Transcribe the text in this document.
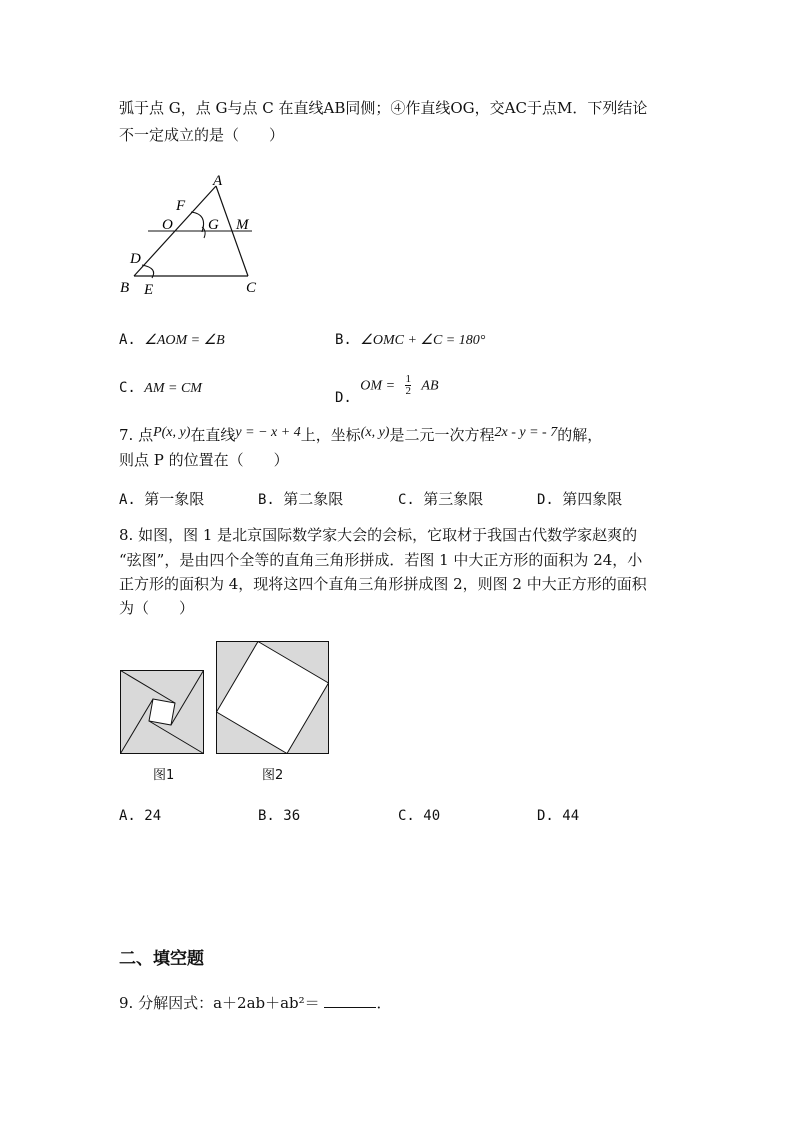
弧于点 G，点 G与点 C 在直线AB同侧；④作直线OG，交AC于点M．下列结论
不一定成立的是（　　）
A
F
O G M
D
B E	C
A. ∠AOM = ∠B	B. ∠OMC + ∠C = 180°
C. AM = CM
D. OM = $\frac{1}{2}$ AB
7. 点P(x, y)在直线y = − x + 4上，坐标(x, y)是二元一次方程2x - y = - 7的解，
则点 P 的位置在（　　）
A. 第一象限	B. 第二象限	C. 第三象限	D. 第四象限
8. 如图，图 1 是北京国际数学家大会的会标，它取材于我国古代数学家赵爽的
“弦图”，是由四个全等的直角三角形拼成．若图 1 中大正方形的面积为 24，小
正方形的面积为 4，现将这四个直角三角形拼成图 2，则图 2 中大正方形的面积
为（　　）
图1	图2
A. 24	B. 36	C. 40	D. 44
二、填空题
9. 分解因式：a＋2ab＋ab²＝	．
